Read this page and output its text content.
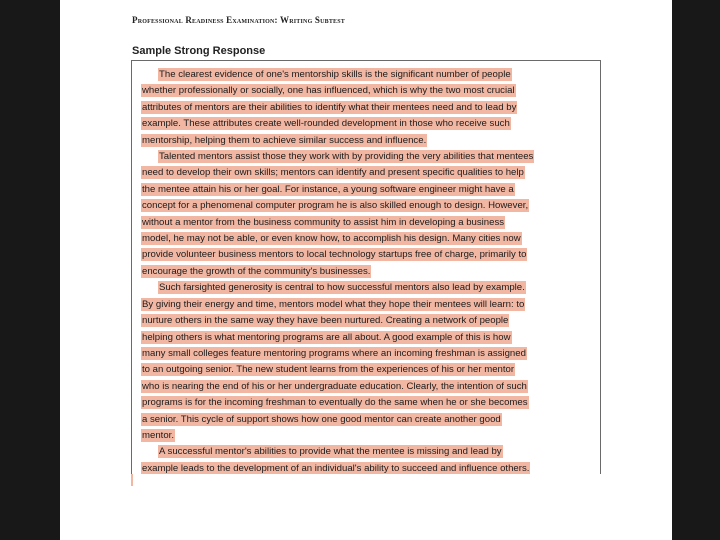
Professional Readiness Examination: Writing Subtest
Sample Strong Response
The clearest evidence of one's mentorship skills is the significant number of people
whether professionally or socially, one has influenced, which is why the two most crucial
attributes of mentors are their abilities to identify what their mentees need and to lead by
example. These attributes create well-rounded development in those who receive such
mentorship, helping them to achieve similar success and influence.
Talented mentors assist those they work with by providing the very abilities that mentees
need to develop their own skills; mentors can identify and present specific qualities to help
the mentee attain his or her goal. For instance, a young software engineer might have a
concept for a phenomenal computer program he is also skilled enough to design. However,
without a mentor from the business community to assist him in developing a business
model, he may not be able, or even know how, to accomplish his design. Many cities now
provide volunteer business mentors to local technology startups free of charge, primarily to
encourage the growth of the community's businesses.
Such farsighted generosity is central to how successful mentors also lead by example.
By giving their energy and time, mentors model what they hope their mentees will learn: to
nurture others in the same way they have been nurtured. Creating a network of people
helping others is what mentoring programs are all about. A good example of this is how
many small colleges feature mentoring programs where an incoming freshman is assigned
to an outgoing senior. The new student learns from the experiences of his or her mentor
who is nearing the end of his or her undergraduate education. Clearly, the intention of such
programs is for the incoming freshman to eventually do the same when he or she becomes
a senior. This cycle of support shows how one good mentor can create another good
mentor.
A successful mentor's abilities to provide what the mentee is missing and lead by
example leads to the development of an individual's ability to succeed and influence others.
